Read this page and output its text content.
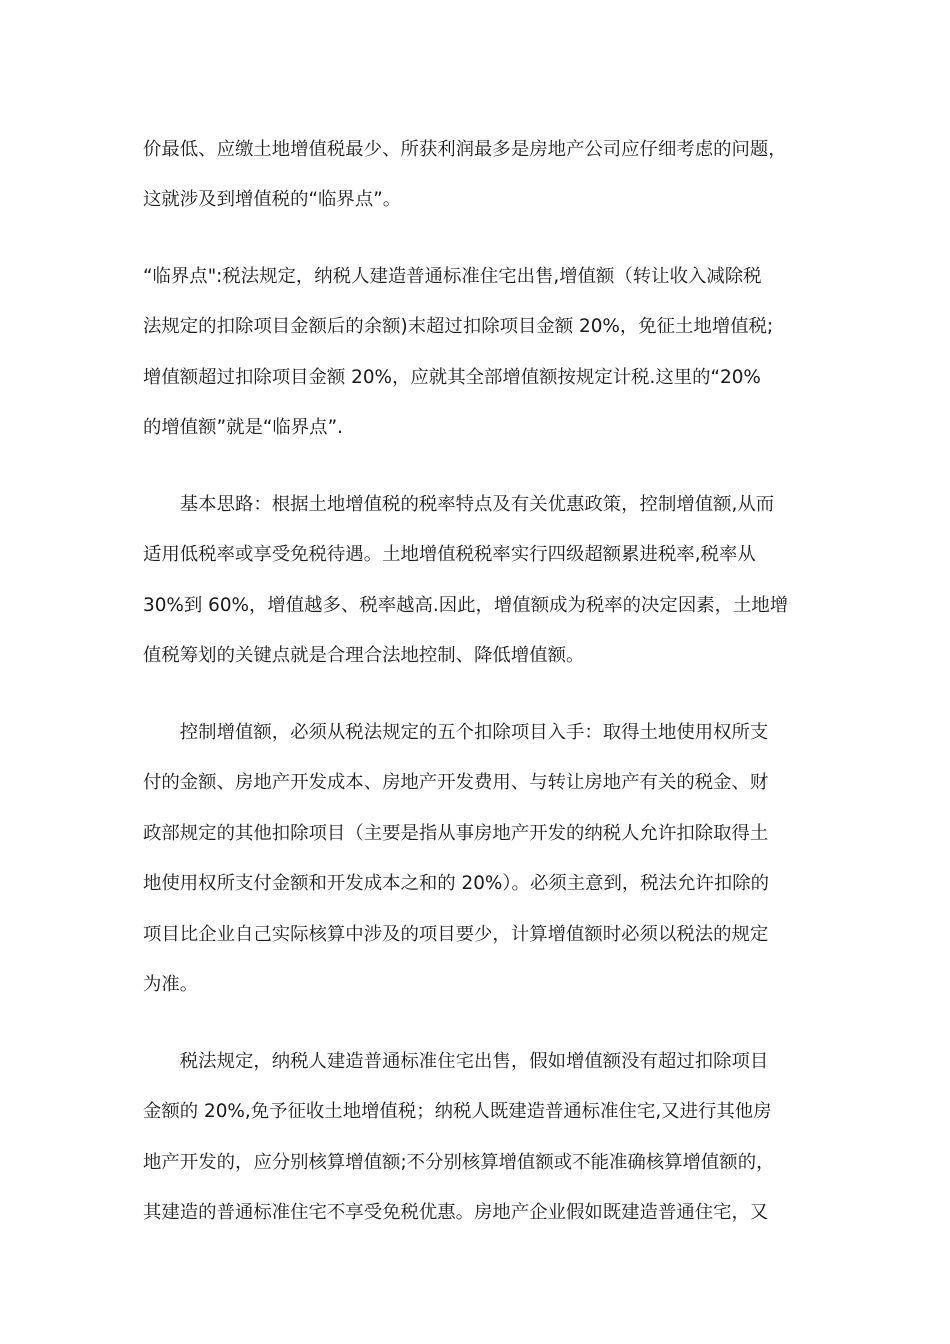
价最低、应缴土地增值税最少、所获利润最多是房地产公司应仔细考虑的问题，
这就涉及到增值税的“临界点”。
“临界点":税法规定，纳税人建造普通标准住宅出售,增值额（转让收入减除税
法规定的扣除项目金额后的余额)末超过扣除项目金额 20%，免征土地增值税;
增值额超过扣除项目金额 20%，应就其全部增值额按规定计税.这里的“20%
的增值额”就是“临界点”.
　　基本思路：根据土地增值税的税率特点及有关优惠政策，控制增值额,从而
适用低税率或享受免税待遇。土地增值税税率实行四级超额累进税率,税率从
30%到 60%，增值越多、税率越高.因此，增值额成为税率的决定因素，土地增
值税筹划的关键点就是合理合法地控制、降低增值额。
　　控制增值额，必须从税法规定的五个扣除项目入手：取得土地使用权所支
付的金额、房地产开发成本、房地产开发费用、与转让房地产有关的税金、财
政部规定的其他扣除项目（主要是指从事房地产开发的纳税人允许扣除取得土
地使用权所支付金额和开发成本之和的 20%）。必须主意到，税法允许扣除的
项目比企业自己实际核算中涉及的项目要少，计算增值额时必须以税法的规定
为准。
　　税法规定，纳税人建造普通标准住宅出售，假如增值额没有超过扣除项目
金额的 20%,免予征收土地增值税；纳税人既建造普通标准住宅,又进行其他房
地产开发的，应分别核算增值额;不分别核算增值额或不能准确核算增值额的，
其建造的普通标准住宅不享受免税优惠。房地产企业假如既建造普通住宅，又
